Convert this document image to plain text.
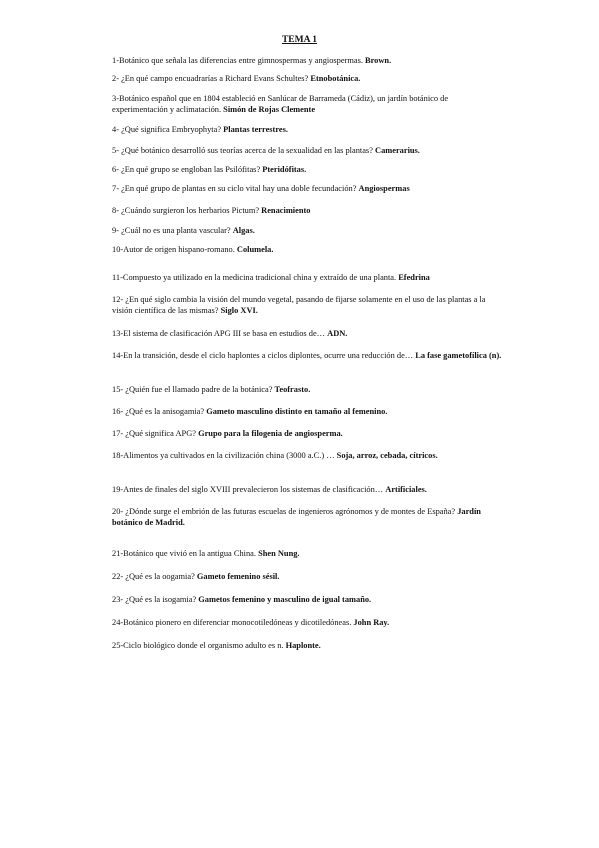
TEMA 1

1-Botánico que señala las diferencias entre gimnospermas y angiospermas. Brown.

2- ¿En qué campo encuadrarías a Richard Evans Schultes? Etnobotánica.

3-Botánico español que en 1804 estableció en Sanlúcar de Barrameda (Cádiz), un jardín botánico de experimentación y aclimatación. Simón de Rojas Clemente

4- ¿Qué significa Embryophyta? Plantas terrestres.

5- ¿Qué botánico desarrolló sus teorías acerca de la sexualidad en las plantas? Camerarius.

6- ¿En qué grupo se engloban las Psilófitas? Pteridófitas.

7- ¿En qué grupo de plantas en su ciclo vital hay una doble fecundación? Angiospermas

8- ¿Cuándo surgieron los herbarios Pictum? Renacimiento

9- ¿Cuál no es una planta vascular? Algas.

10-Autor de origen hispano-romano. Columela.

11-Compuesto ya utilizado en la medicina tradicional china y extraído de una planta. Efedrina

12- ¿En qué siglo cambia la visión del mundo vegetal, pasando de fijarse solamente en el uso de las plantas a la visión científica de las mismas? Siglo XVI.

13-El sistema de clasificación APG III se basa en estudios de… ADN.

14-En la transición, desde el ciclo haplontes a ciclos diplontes, ocurre una reducción de… La fase gametofílica (n).

15- ¿Quién fue el llamado padre de la botánica? Teofrasto.

16- ¿Qué es la anisogamia? Gameto masculino distinto en tamaño al femenino.

17- ¿Qué significa APG? Grupo para la filogenia de angiosperma.

18-Alimentos ya cultivados en la civilización china (3000 a.C.) … Soja, arroz, cebada, cítricos.

19-Antes de finales del siglo XVIII prevalecieron los sistemas de clasificación… Artificiales.

20- ¿Dónde surge el embrión de las futuras escuelas de ingenieros agrónomos y de montes de España? Jardín botánico de Madrid.

21-Botánico que vivió en la antigua China. Shen Nung.

22- ¿Qué es la oogamia? Gameto femenino sésil.

23- ¿Qué es la isogamia? Gametos femenino y masculino de igual tamaño.

24-Botánico pionero en diferenciar monocotiledóneas y dicotiledóneas. John Ray.

25-Ciclo biológico donde el organismo adulto es n. Haplonte.
